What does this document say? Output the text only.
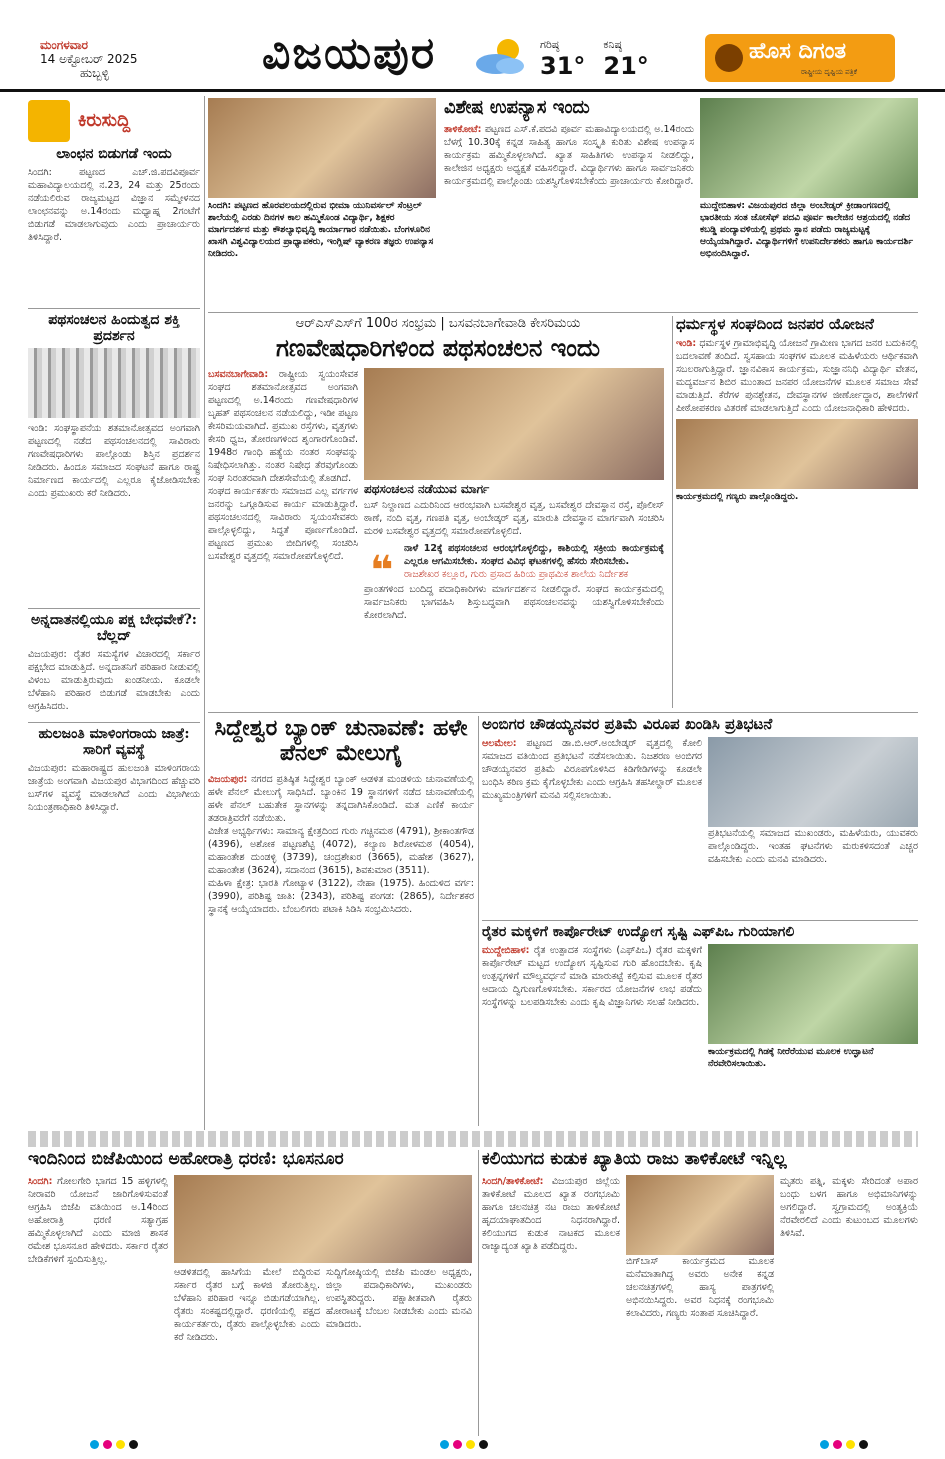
ಮಂಗಳವಾರ
14 ಅಕ್ಟೋಬರ್ 2025
ಹುಬ್ಬಳ್ಳಿ	ವಿಜಯಪುರ	ಗರಿಷ್ಠ
31°
ಕನಿಷ್ಠ
21°
ಹೊಸ ದಿಗಂತ
ರಾಷ್ಟ್ರೀಯ ದೃಷ್ಟಿಯ ಪತ್ರಿಕೆ
ಕಿರುಸುದ್ದಿ
ಲಾಂಛನ ಬಿಡುಗಡೆ ಇಂದು
ಸಿಂದಗಿ: ಪಟ್ಟಣದ ಎಚ್.ಜಿ.ಪದವಿಪೂರ್ವ ಮಹಾವಿದ್ಯಾಲಯದಲ್ಲಿ ನ.23, 24 ಮತ್ತು 25ರಂದು ನಡೆಯಲಿರುವ ರಾಜ್ಯಮಟ್ಟದ ವಿಜ್ಞಾನ ಸಮ್ಮೇಳನದ ಲಾಂಛನವನ್ನು ಅ.14ರಂದು ಮಧ್ಯಾಹ್ನ 2ಗಂಟೆಗೆ ಬಿಡುಗಡೆ ಮಾಡಲಾಗುವುದು ಎಂದು ಪ್ರಾಚಾರ್ಯರು ತಿಳಿಸಿದ್ದಾರೆ.
ಪಥಸಂಚಲನ ಹಿಂದುತ್ವದ ಶಕ್ತಿ ಪ್ರದರ್ಶನ
ಇಂಡಿ: ಸಂಘಸ್ಥಾಪನೆಯ ಶತಮಾನೋತ್ಸವದ ಅಂಗವಾಗಿ ಪಟ್ಟಣದಲ್ಲಿ ನಡೆದ ಪಥಸಂಚಲನದಲ್ಲಿ ಸಾವಿರಾರು ಗಣವೇಷಧಾರಿಗಳು ಪಾಲ್ಗೊಂಡು ಶಿಸ್ತಿನ ಪ್ರದರ್ಶನ ನೀಡಿದರು. ಹಿಂದೂ ಸಮಾಜದ ಸಂಘಟನೆ ಹಾಗೂ ರಾಷ್ಟ್ರ ನಿರ್ಮಾಣದ ಕಾರ್ಯದಲ್ಲಿ ಎಲ್ಲರೂ ಕೈಜೋಡಿಸಬೇಕು ಎಂದು ಪ್ರಮುಖರು ಕರೆ ನೀಡಿದರು.
ಅನ್ನದಾತನಲ್ಲಿಯೂ ಪಕ್ಷ ಬೇಧವೇಕೆ?: ಬೆಲ್ಲದ್
ವಿಜಯಪುರ: ರೈತರ ಸಮಸ್ಯೆಗಳ ವಿಚಾರದಲ್ಲಿ ಸರ್ಕಾರ ಪಕ್ಷಭೇದ ಮಾಡುತ್ತಿದೆ. ಅನ್ನದಾತನಿಗೆ ಪರಿಹಾರ ನೀಡುವಲ್ಲಿ ವಿಳಂಬ ಮಾಡುತ್ತಿರುವುದು ಖಂಡನೀಯ. ಕೂಡಲೇ ಬೆಳೆಹಾನಿ ಪರಿಹಾರ ಬಿಡುಗಡೆ ಮಾಡಬೇಕು ಎಂದು ಆಗ್ರಹಿಸಿದರು.
ಹುಲಜಂತಿ ಮಾಳಿಂಗರಾಯ ಜಾತ್ರೆ: ಸಾರಿಗೆ ವ್ಯವಸ್ಥೆ
ವಿಜಯಪುರ: ಮಹಾರಾಷ್ಟ್ರದ ಹುಲಜಂತಿ ಮಾಳಿಂಗರಾಯ ಜಾತ್ರೆಯ ಅಂಗವಾಗಿ ವಿಜಯಪುರ ವಿಭಾಗದಿಂದ ಹೆಚ್ಚುವರಿ ಬಸ್‌ಗಳ ವ್ಯವಸ್ಥೆ ಮಾಡಲಾಗಿದೆ ಎಂದು ವಿಭಾಗೀಯ ನಿಯಂತ್ರಣಾಧಿಕಾರಿ ತಿಳಿಸಿದ್ದಾರೆ.
ಸಿಂದಗಿ: ಪಟ್ಟಣದ ಹೊರವಲಯದಲ್ಲಿರುವ ಭೀಮಾ ಯುನಿವರ್ಸಲ್ ಸೆಂಟ್ರಲ್ ಶಾಲೆಯಲ್ಲಿ ಎರಡು ದಿನಗಳ ಕಾಲ ಹಮ್ಮಿಕೊಂಡ ವಿದ್ಯಾರ್ಥಿ, ಶಿಕ್ಷಕರ ಮಾರ್ಗದರ್ಶನ ಮತ್ತು ಕೌಶಲ್ಯಾಭಿವೃದ್ಧಿ ಕಾರ್ಯಾಗಾರ ನಡೆಯಿತು. ಬೆಂಗಳೂರಿನ ಖಾಸಗಿ ವಿಶ್ವವಿದ್ಯಾಲಯದ ಪ್ರಾಧ್ಯಾಪಕರು, ಇಂಗ್ಲಿಷ್ ವ್ಯಾಕರಣ ತಜ್ಞರು ಉಪನ್ಯಾಸ ನೀಡಿದರು.
ವಿಶೇಷ ಉಪನ್ಯಾಸ ಇಂದು
ತಾಳಿಕೋಟೆ: ಪಟ್ಟಣದ ಎಸ್.ಕೆ.ಪದವಿ ಪೂರ್ವ ಮಹಾವಿದ್ಯಾಲಯದಲ್ಲಿ ಅ.14ರಂದು ಬೆಳಗ್ಗೆ 10.30ಕ್ಕೆ ಕನ್ನಡ ಸಾಹಿತ್ಯ ಹಾಗೂ ಸಂಸ್ಕೃತಿ ಕುರಿತು ವಿಶೇಷ ಉಪನ್ಯಾಸ ಕಾರ್ಯಕ್ರಮ ಹಮ್ಮಿಕೊಳ್ಳಲಾಗಿದೆ. ಖ್ಯಾತ ಸಾಹಿತಿಗಳು ಉಪನ್ಯಾಸ ನೀಡಲಿದ್ದು, ಕಾಲೇಜಿನ ಅಧ್ಯಕ್ಷರು ಅಧ್ಯಕ್ಷತೆ ವಹಿಸಲಿದ್ದಾರೆ. ವಿದ್ಯಾರ್ಥಿಗಳು ಹಾಗೂ ಸಾರ್ವಜನಿಕರು ಕಾರ್ಯಕ್ರಮದಲ್ಲಿ ಪಾಲ್ಗೊಂಡು ಯಶಸ್ವಿಗೊಳಿಸಬೇಕೆಂದು ಪ್ರಾಚಾರ್ಯರು ಕೋರಿದ್ದಾರೆ.
ಮುದ್ದೇಬಿಹಾಳ: ವಿಜಯಪುರದ ಜಿಲ್ಲಾ ಅಂಬೇಡ್ಕರ್ ಕ್ರೀಡಾಂಗಣದಲ್ಲಿ ಭಾರತೀಯ ಸಂತ ಜೋಸೆಫ್ ಪದವಿ ಪೂರ್ವ ಕಾಲೇಜಿನ ಆಶ್ರಯದಲ್ಲಿ ನಡೆದ ಕಬಡ್ಡಿ ಪಂದ್ಯಾವಳಿಯಲ್ಲಿ ಪ್ರಥಮ ಸ್ಥಾನ ಪಡೆದು ರಾಜ್ಯಮಟ್ಟಕ್ಕೆ ಆಯ್ಕೆಯಾಗಿದ್ದಾರೆ. ವಿದ್ಯಾರ್ಥಿಗಳಿಗೆ ಉಪನಿರ್ದೇಶಕರು ಹಾಗೂ ಕಾರ್ಯದರ್ಶಿ ಅಭಿನಂದಿಸಿದ್ದಾರೆ.
ಆರ್‌ಎಸ್‌ಎಸ್‌ಗೆ 100ರ ಸಂಭ್ರಮ | ಬಸವನಬಾಗೇವಾಡಿ ಕೇಸರಿಮಯ
ಗಣವೇಷಧಾರಿಗಳಿಂದ ಪಥಸಂಚಲನ ಇಂದು
ಬಸವನಬಾಗೇವಾಡಿ: ರಾಷ್ಟ್ರೀಯ ಸ್ವಯಂಸೇವಕ ಸಂಘದ ಶತಮಾನೋತ್ಸವದ ಅಂಗವಾಗಿ ಪಟ್ಟಣದಲ್ಲಿ ಅ.14ರಂದು ಗಣವೇಷಧಾರಿಗಳ ಬೃಹತ್ ಪಥಸಂಚಲನ ನಡೆಯಲಿದ್ದು, ಇಡೀ ಪಟ್ಟಣ ಕೇಸರಿಮಯವಾಗಿದೆ. ಪ್ರಮುಖ ರಸ್ತೆಗಳು, ವೃತ್ತಗಳು ಕೇಸರಿ ಧ್ವಜ, ತೋರಣಗಳಿಂದ ಶೃಂಗಾರಗೊಂಡಿವೆ. 1948ರ ಗಾಂಧಿ ಹತ್ಯೆಯ ನಂತರ ಸಂಘವನ್ನು ನಿಷೇಧಿಸಲಾಗಿತ್ತು. ನಂತರ ನಿಷೇಧ ತೆರವುಗೊಂಡು ಸಂಘ ನಿರಂತರವಾಗಿ ದೇಶಸೇವೆಯಲ್ಲಿ ತೊಡಗಿದೆ.

ಸಂಘದ ಕಾರ್ಯಕರ್ತರು ಸಮಾಜದ ಎಲ್ಲ ವರ್ಗಗಳ ಜನರನ್ನು ಒಗ್ಗೂಡಿಸುವ ಕಾರ್ಯ ಮಾಡುತ್ತಿದ್ದಾರೆ. ಪಥಸಂಚಲನದಲ್ಲಿ ಸಾವಿರಾರು ಸ್ವಯಂಸೇವಕರು ಪಾಲ್ಗೊಳ್ಳಲಿದ್ದು, ಸಿದ್ಧತೆ ಪೂರ್ಣಗೊಂಡಿದೆ. ಪಟ್ಟಣದ ಪ್ರಮುಖ ಬೀದಿಗಳಲ್ಲಿ ಸಂಚರಿಸಿ ಬಸವೇಶ್ವರ ವೃತ್ತದಲ್ಲಿ ಸಮಾರೋಪಗೊಳ್ಳಲಿದೆ.

ಪಥಸಂಚಲನ ನಡೆಯುವ ಮಾರ್ಗ
ಬಸ್ ನಿಲ್ದಾಣದ ಎದುರಿನಿಂದ ಆರಂಭವಾಗಿ ಬಸವೇಶ್ವರ ವೃತ್ತ, ಬಸವೇಶ್ವರ ದೇವಸ್ಥಾನ ರಸ್ತೆ, ಪೊಲೀಸ್ ಠಾಣೆ, ನಂದಿ ವೃತ್ತ, ಗಣಪತಿ ವೃತ್ತ, ಅಂಬೇಡ್ಕರ್ ವೃತ್ತ, ಮಾರುತಿ ದೇವಸ್ಥಾನ ಮಾರ್ಗವಾಗಿ ಸಂಚರಿಸಿ ಮರಳಿ ಬಸವೇಶ್ವರ ವೃತ್ತದಲ್ಲಿ ಸಮಾರೋಪಗೊಳ್ಳಲಿದೆ.
❝ ನಾಳೆ 12ಕ್ಕೆ ಪಥಸಂಚಲನ ಆರಂಭಗೊಳ್ಳಲಿದ್ದು, ಕಾಶಿಯಲ್ಲಿ ಸಕ್ರೀಯ ಕಾರ್ಯಕ್ರಮಕ್ಕೆ ಎಲ್ಲರೂ ಆಗಮಿಸಬೇಕು. ಸಂಘದ ವಿವಿಧ ಘಟಕಗಳಲ್ಲಿ ಹೆಸರು ಸೇರಿಸಬೇಕು.
ರಾಜಶೇಖರ ಕಲ್ಲೂರ, ಗುರು ಪ್ರಸಾದ ಹಿರಿಯ ಪ್ರಾಥಮಿಕ ಶಾಲೆಯ ನಿರ್ದೇಶಕ
ಪ್ರಾಂತಗಳಿಂದ ಬಂದಿದ್ದ ಪದಾಧಿಕಾರಿಗಳು ಮಾರ್ಗದರ್ಶನ ನೀಡಲಿದ್ದಾರೆ. ಸಂಘದ ಕಾರ್ಯಕ್ರಮದಲ್ಲಿ ಸಾರ್ವಜನಿಕರು ಭಾಗವಹಿಸಿ ಶಿಸ್ತುಬದ್ಧವಾಗಿ ಪಥಸಂಚಲನವನ್ನು ಯಶಸ್ವಿಗೊಳಿಸಬೇಕೆಂದು ಕೋರಲಾಗಿದೆ.
ಧರ್ಮಸ್ಥಳ ಸಂಘದಿಂದ ಜನಪರ ಯೋಜನೆ
ಇಂಡಿ: ಧರ್ಮಸ್ಥಳ ಗ್ರಾಮಾಭಿವೃದ್ಧಿ ಯೋಜನೆ ಗ್ರಾಮೀಣ ಭಾಗದ ಜನರ ಬದುಕಿನಲ್ಲಿ ಬದಲಾವಣೆ ತಂದಿದೆ. ಸ್ವಸಹಾಯ ಸಂಘಗಳ ಮೂಲಕ ಮಹಿಳೆಯರು ಆರ್ಥಿಕವಾಗಿ ಸಬಲರಾಗುತ್ತಿದ್ದಾರೆ. ಜ್ಞಾನವಿಕಾಸ ಕಾರ್ಯಕ್ರಮ, ಸುಜ್ಞಾನನಿಧಿ ವಿದ್ಯಾರ್ಥಿ ವೇತನ, ಮದ್ಯವರ್ಜನ ಶಿಬಿರ ಮುಂತಾದ ಜನಪರ ಯೋಜನೆಗಳ ಮೂಲಕ ಸಮಾಜ ಸೇವೆ ಮಾಡುತ್ತಿದೆ. ಕೆರೆಗಳ ಪುನಶ್ಚೇತನ, ದೇವಸ್ಥಾನಗಳ ಜೀರ್ಣೋದ್ಧಾರ, ಶಾಲೆಗಳಿಗೆ ಪೀಠೋಪಕರಣ ವಿತರಣೆ ಮಾಡಲಾಗುತ್ತಿದೆ ಎಂದು ಯೋಜನಾಧಿಕಾರಿ ಹೇಳಿದರು.
ಕಾರ್ಯಕ್ರಮದಲ್ಲಿ ಗಣ್ಯರು ಪಾಲ್ಗೊಂಡಿದ್ದರು.
ಸಿದ್ದೇಶ್ವರ ಬ್ಯಾಂಕ್ ಚುನಾವಣೆ: ಹಳೇ ಪೆನಲ್ ಮೇಲುಗೈ
ವಿಜಯಪುರ: ನಗರದ ಪ್ರತಿಷ್ಠಿತ ಸಿದ್ದೇಶ್ವರ ಬ್ಯಾಂಕ್ ಆಡಳಿತ ಮಂಡಳಿಯ ಚುನಾವಣೆಯಲ್ಲಿ ಹಳೇ ಪೆನಲ್ ಮೇಲುಗೈ ಸಾಧಿಸಿದೆ. ಬ್ಯಾಂಕಿನ 19 ಸ್ಥಾನಗಳಿಗೆ ನಡೆದ ಚುನಾವಣೆಯಲ್ಲಿ ಹಳೇ ಪೆನಲ್ ಬಹುತೇಕ ಸ್ಥಾನಗಳನ್ನು ತನ್ನದಾಗಿಸಿಕೊಂಡಿದೆ. ಮತ ಎಣಿಕೆ ಕಾರ್ಯ ತಡರಾತ್ರಿವರೆಗೆ ನಡೆಯಿತು.
ವಿಜೇತ ಅಭ್ಯರ್ಥಿಗಳು: ಸಾಮಾನ್ಯ ಕ್ಷೇತ್ರದಿಂದ ಗುರು ಗಚ್ಚಿನಮಠ (4791), ಶ್ರೀಕಾಂತಗೌಡ (4396), ಅಶೋಕ ಪಟ್ಟಣಶೆಟ್ಟಿ (4072), ಕಲ್ಯಾಣ ಶಿರೋಳಮಠ (4054), ಮಹಾಂತೇಶ ದುಂಡಳ್ಳಿ (3739), ಚಂದ್ರಶೇಖರ (3665), ಮಹೇಶ (3627), ಮಹಾಂತೇಶ (3624), ಸದಾನಂದ (3615), ಶಿವಕುಮಾರ (3511).
ಮಹಿಳಾ ಕ್ಷೇತ್ರ: ಭಾರತಿ ಗೋಟ್ಯಾಳ (3122), ನೇಹಾ (1975). ಹಿಂದುಳಿದ ವರ್ಗ: (3990), ಪರಿಶಿಷ್ಟ ಜಾತಿ: (2343), ಪರಿಶಿಷ್ಟ ಪಂಗಡ: (2865), ನಿರ್ದೇಶಕರ ಸ್ಥಾನಕ್ಕೆ ಆಯ್ಕೆಯಾದರು. ಬೆಂಬಲಿಗರು ಪಟಾಕಿ ಸಿಡಿಸಿ ಸಂಭ್ರಮಿಸಿದರು.
ಅಂಬಿಗರ ಚೌಡಯ್ಯನವರ ಪ್ರತಿಮೆ ವಿರೂಪ ಖಂಡಿಸಿ ಪ್ರತಿಭಟನೆ
ಆಲಮೇಲ: ಪಟ್ಟಣದ ಡಾ.ಬಿ.ಆರ್.ಅಂಬೇಡ್ಕರ್ ವೃತ್ತದಲ್ಲಿ ಕೋಲಿ ಸಮಾಜದ ವತಿಯಿಂದ ಪ್ರತಿಭಟನೆ ನಡೆಸಲಾಯಿತು. ನಿಜಶರಣ ಅಂಬಿಗರ ಚೌಡಯ್ಯನವರ ಪ್ರತಿಮೆ ವಿರೂಪಗೊಳಿಸಿದ ಕಿಡಿಗೇಡಿಗಳನ್ನು ಕೂಡಲೇ ಬಂಧಿಸಿ ಕಠಿಣ ಕ್ರಮ ಕೈಗೊಳ್ಳಬೇಕು ಎಂದು ಆಗ್ರಹಿಸಿ ತಹಸೀಲ್ದಾರ್ ಮೂಲಕ ಮುಖ್ಯಮಂತ್ರಿಗಳಿಗೆ ಮನವಿ ಸಲ್ಲಿಸಲಾಯಿತು.
ಪ್ರತಿಭಟನೆಯಲ್ಲಿ ಸಮಾಜದ ಮುಖಂಡರು, ಮಹಿಳೆಯರು, ಯುವಕರು ಪಾಲ್ಗೊಂಡಿದ್ದರು. ಇಂತಹ ಘಟನೆಗಳು ಮರುಕಳಿಸದಂತೆ ಎಚ್ಚರ ವಹಿಸಬೇಕು ಎಂದು ಮನವಿ ಮಾಡಿದರು.
ರೈತರ ಮಕ್ಕಳಿಗೆ ಕಾರ್ಪೊರೇಟ್ ಉದ್ಯೋಗ ಸೃಷ್ಟಿ ಎಫ್‌ಪಿಒ ಗುರಿಯಾಗಲಿ
ಮುದ್ದೇಬಿಹಾಳ: ರೈತ ಉತ್ಪಾದಕ ಸಂಸ್ಥೆಗಳು (ಎಫ್‌ಪಿಒ) ರೈತರ ಮಕ್ಕಳಿಗೆ ಕಾರ್ಪೊರೇಟ್ ಮಟ್ಟದ ಉದ್ಯೋಗ ಸೃಷ್ಟಿಸುವ ಗುರಿ ಹೊಂದಬೇಕು. ಕೃಷಿ ಉತ್ಪನ್ನಗಳಿಗೆ ಮೌಲ್ಯವರ್ಧನೆ ಮಾಡಿ ಮಾರುಕಟ್ಟೆ ಕಲ್ಪಿಸುವ ಮೂಲಕ ರೈತರ ಆದಾಯ ದ್ವಿಗುಣಗೊಳಿಸಬೇಕು. ಸರ್ಕಾರದ ಯೋಜನೆಗಳ ಲಾಭ ಪಡೆದು ಸಂಸ್ಥೆಗಳನ್ನು ಬಲಪಡಿಸಬೇಕು ಎಂದು ಕೃಷಿ ವಿಜ್ಞಾನಿಗಳು ಸಲಹೆ ನೀಡಿದರು.
ಕಾರ್ಯಕ್ರಮದಲ್ಲಿ ಗಿಡಕ್ಕೆ ನೀರೆರೆಯುವ ಮೂಲಕ ಉದ್ಘಾಟನೆ ನೆರವೇರಿಸಲಾಯಿತು.
ಇಂದಿನಿಂದ ಬಿಜೆಪಿಯಿಂದ ಅಹೋರಾತ್ರಿ ಧರಣಿ: ಭೂಸನೂರ
ಸಿಂದಗಿ: ಗೋಲಗೇರಿ ಭಾಗದ 15 ಹಳ್ಳಿಗಳಲ್ಲಿ ನೀರಾವರಿ ಯೋಜನೆ ಜಾರಿಗೊಳಿಸುವಂತೆ ಆಗ್ರಹಿಸಿ ಬಿಜೆಪಿ ವತಿಯಿಂದ ಅ.14ರಿಂದ ಅಹೋರಾತ್ರಿ ಧರಣಿ ಸತ್ಯಾಗ್ರಹ ಹಮ್ಮಿಕೊಳ್ಳಲಾಗಿದೆ ಎಂದು ಮಾಜಿ ಶಾಸಕ ರಮೇಶ ಭೂಸನೂರ ಹೇಳಿದರು. ಸರ್ಕಾರ ರೈತರ ಬೇಡಿಕೆಗಳಿಗೆ ಸ್ಪಂದಿಸುತ್ತಿಲ್ಲ.
ಆಡಳಿತದಲ್ಲಿ ಹಾಸಿಗೆಯ ಮೇಲೆ ಬಿದ್ದಿರುವ ಸರ್ಕಾರ ರೈತರ ಬಗ್ಗೆ ಕಾಳಜಿ ತೋರುತ್ತಿಲ್ಲ. ಬೆಳೆಹಾನಿ ಪರಿಹಾರ ಇನ್ನೂ ಬಿಡುಗಡೆಯಾಗಿಲ್ಲ. ರೈತರು ಸಂಕಷ್ಟದಲ್ಲಿದ್ದಾರೆ. ಧರಣಿಯಲ್ಲಿ ಪಕ್ಷದ ಕಾರ್ಯಕರ್ತರು, ರೈತರು ಪಾಲ್ಗೊಳ್ಳಬೇಕು ಎಂದು ಕರೆ ನೀಡಿದರು.
ಸುದ್ದಿಗೋಷ್ಠಿಯಲ್ಲಿ ಬಿಜೆಪಿ ಮಂಡಲ ಅಧ್ಯಕ್ಷರು, ಜಿಲ್ಲಾ ಪದಾಧಿಕಾರಿಗಳು, ಮುಖಂಡರು ಉಪಸ್ಥಿತರಿದ್ದರು. ಪಕ್ಷಾತೀತವಾಗಿ ರೈತರು ಹೋರಾಟಕ್ಕೆ ಬೆಂಬಲ ನೀಡಬೇಕು ಎಂದು ಮನವಿ ಮಾಡಿದರು.
ಕಲಿಯುಗದ ಕುಡುಕ ಖ್ಯಾತಿಯ ರಾಜು ತಾಳಿಕೋಟೆ ಇನ್ನಿಲ್ಲ
ಸಿಂದಗಿ/ತಾಳಿಕೋಟೆ: ವಿಜಯಪುರ ಜಿಲ್ಲೆಯ ತಾಳಿಕೋಟೆ ಮೂಲದ ಖ್ಯಾತ ರಂಗಭೂಮಿ ಹಾಗೂ ಚಲನಚಿತ್ರ ನಟ ರಾಜು ತಾಳಿಕೋಟೆ ಹೃದಯಾಘಾತದಿಂದ ನಿಧನರಾಗಿದ್ದಾರೆ. ಕಲಿಯುಗದ ಕುಡುಕ ನಾಟಕದ ಮೂಲಕ ರಾಜ್ಯಾದ್ಯಂತ ಖ್ಯಾತಿ ಪಡೆದಿದ್ದರು.
ಬಿಗ್‌ಬಾಸ್ ಕಾರ್ಯಕ್ರಮದ ಮೂಲಕ ಮನೆಮಾತಾಗಿದ್ದ ಅವರು ಅನೇಕ ಕನ್ನಡ ಚಲನಚಿತ್ರಗಳಲ್ಲಿ ಹಾಸ್ಯ ಪಾತ್ರಗಳಲ್ಲಿ ಅಭಿನಯಿಸಿದ್ದರು. ಅವರ ನಿಧನಕ್ಕೆ ರಂಗಭೂಮಿ ಕಲಾವಿದರು, ಗಣ್ಯರು ಸಂತಾಪ ಸೂಚಿಸಿದ್ದಾರೆ.
ಮೃತರು ಪತ್ನಿ, ಮಕ್ಕಳು ಸೇರಿದಂತೆ ಅಪಾರ ಬಂಧು ಬಳಗ ಹಾಗೂ ಅಭಿಮಾನಿಗಳನ್ನು ಅಗಲಿದ್ದಾರೆ. ಸ್ವಗ್ರಾಮದಲ್ಲಿ ಅಂತ್ಯಕ್ರಿಯೆ ನೆರವೇರಲಿದೆ ಎಂದು ಕುಟುಂಬದ ಮೂಲಗಳು ತಿಳಿಸಿವೆ.
